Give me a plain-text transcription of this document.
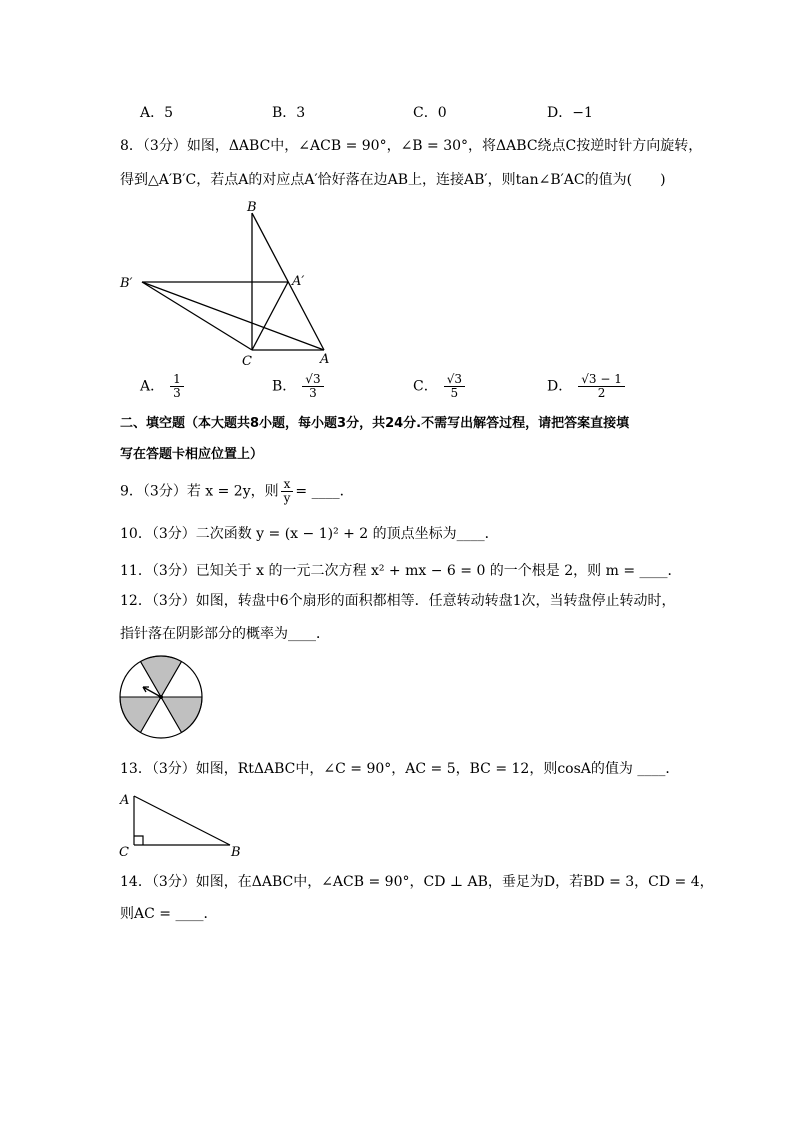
A．5	B．3	C．0	D．−1
8．（3分）如图，ΔABC中，∠ACB = 90°，∠B = 30°，将ΔABC绕点C按逆时针方向旋转，
得到△A′B′C，若点A的对应点A′恰好落在边AB上，连接AB′，则tan∠B′AC的值为(　　)
B
B′	A′
C	A
A． $\frac{1}{3}$	B． $\frac{√3}{3}$	C． $\frac{√3}{5}$	D． $\frac{√3 - 1}{2}$
二、填空题（本大题共8小题，每小题3分，共24分.不需写出解答过程，请把答案直接填
写在答题卡相应位置上）
9．（3分）若 x = 2y，则 $\frac{x}{y}$ = ____．
10．（3分）二次函数 y = (x − 1)² + 2 的顶点坐标为____．
11．（3分）已知关于 x 的一元二次方程 x² + mx − 6 = 0 的一个根是 2，则 m = ____．
12．（3分）如图，转盘中6个扇形的面积都相等．任意转动转盘1次，当转盘停止转动时，
指针落在阴影部分的概率为____．
13．（3分）如图，RtΔABC中，∠C = 90°，AC = 5，BC = 12，则cosA的值为 ____．
A
C	B
14．（3分）如图，在ΔABC中，∠ACB = 90°，CD ⊥ AB，垂足为D，若BD = 3，CD = 4，
则AC = ____．
